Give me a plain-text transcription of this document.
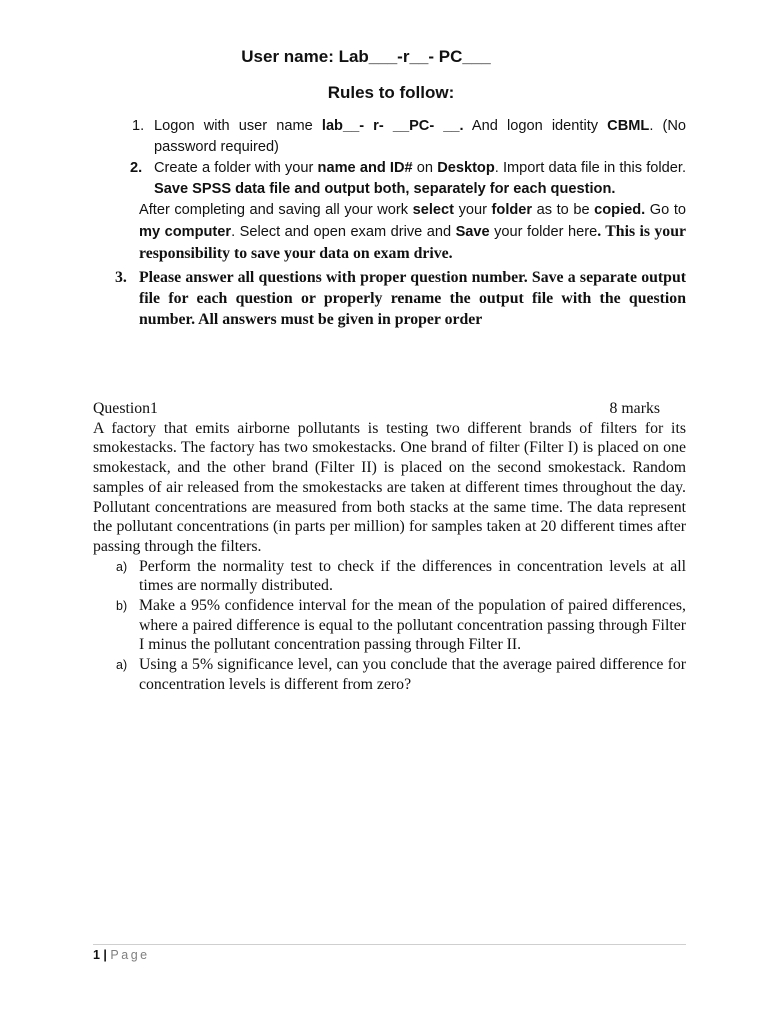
User name: Lab___-r__- PC___
Rules to follow:
1. Logon with user name lab__- r- __PC- __. And logon identity CBML. (No password required)
2. Create a folder with your name and ID# on Desktop. Import data file in this folder. Save SPSS data file and output both, separately for each question.
After completing and saving all your work select your folder as to be copied. Go to my computer. Select and open exam drive and Save your folder here. This is your responsibility to save your data on exam drive.
3. Please answer all questions with proper question number. Save a separate output file for each question or properly rename the output file with the question number. All answers must be given in proper order
Question1	8 marks

A factory that emits airborne pollutants is testing two different brands of filters for its smokestacks. The factory has two smokestacks. One brand of filter (Filter I) is placed on one smokestack, and the other brand (Filter II) is placed on the second smokestack. Random samples of air released from the smokestacks are taken at different times throughout the day. Pollutant concentrations are measured from both stacks at the same time. The data represent the pollutant concentrations (in parts per million) for samples taken at 20 different times after passing through the filters.

a) Perform the normality test to check if the differences in concentration levels at all times are normally distributed.
b) Make a 95% confidence interval for the mean of the population of paired differences, where a paired difference is equal to the pollutant concentration passing through Filter I minus the pollutant concentration passing through Filter II.
a) Using a 5% significance level, can you conclude that the average paired difference for concentration levels is different from zero?
1 | Page
